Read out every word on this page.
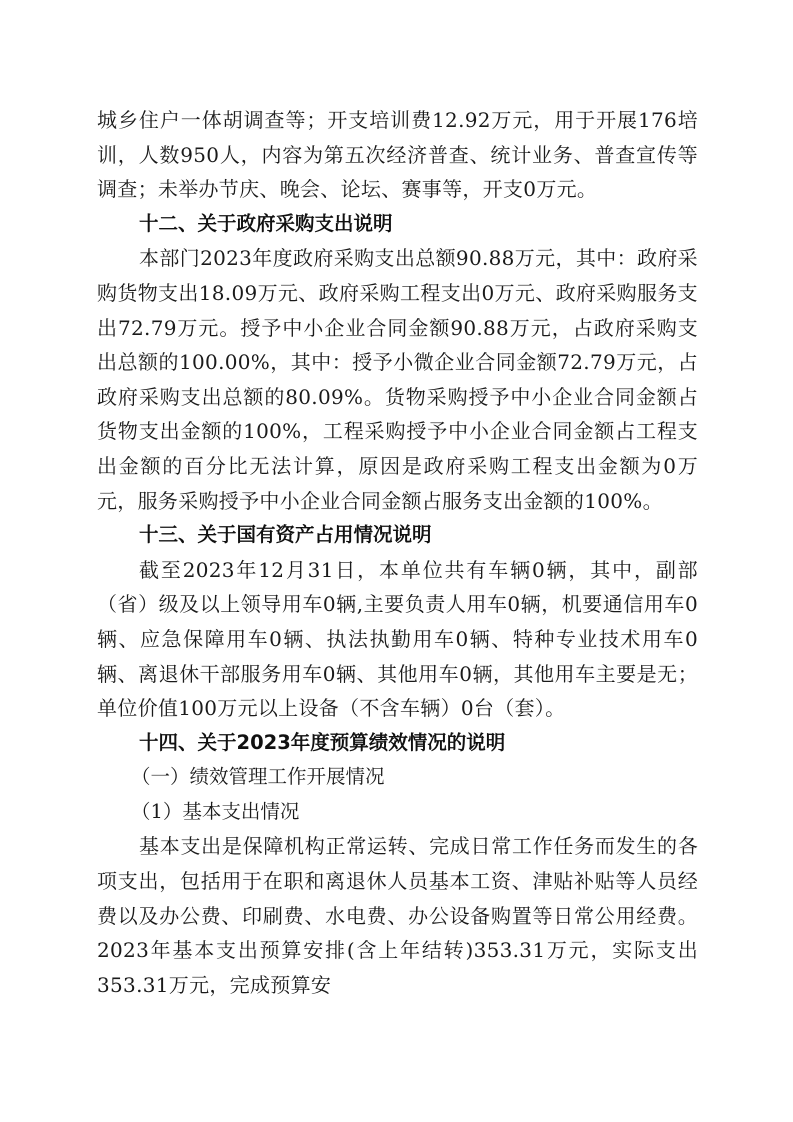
城乡住户一体胡调查等；开支培训费12.92万元，用于开展176培训，人数950人，内容为第五次经济普查、统计业务、普查宣传等调查；未举办节庆、晚会、论坛、赛事等，开支0万元。

十二、关于政府采购支出说明

本部门2023年度政府采购支出总额90.88万元，其中：政府采购货物支出18.09万元、政府采购工程支出0万元、政府采购服务支出72.79万元。授予中小企业合同金额90.88万元，占政府采购支出总额的100.00%，其中：授予小微企业合同金额72.79万元，占政府采购支出总额的80.09%。货物采购授予中小企业合同金额占货物支出金额的100%，工程采购授予中小企业合同金额占工程支出金额的百分比无法计算，原因是政府采购工程支出金额为0万元，服务采购授予中小企业合同金额占服务支出金额的100%。

十三、关于国有资产占用情况说明

截至2023年12月31日，本单位共有车辆0辆，其中，副部（省）级及以上领导用车0辆,主要负责人用车0辆，机要通信用车0辆、应急保障用车0辆、执法执勤用车0辆、特种专业技术用车0辆、离退休干部服务用车0辆、其他用车0辆，其他用车主要是无；单位价值100万元以上设备（不含车辆）0台（套）。

十四、关于2023年度预算绩效情况的说明

（一）绩效管理工作开展情况

（1）基本支出情况

基本支出是保障机构正常运转、完成日常工作任务而发生的各项支出，包括用于在职和离退休人员基本工资、津贴补贴等人员经费以及办公费、印刷费、水电费、办公设备购置等日常公用经费。2023年基本支出预算安排(含上年结转)353.31万元，实际支出353.31万元，完成预算安
